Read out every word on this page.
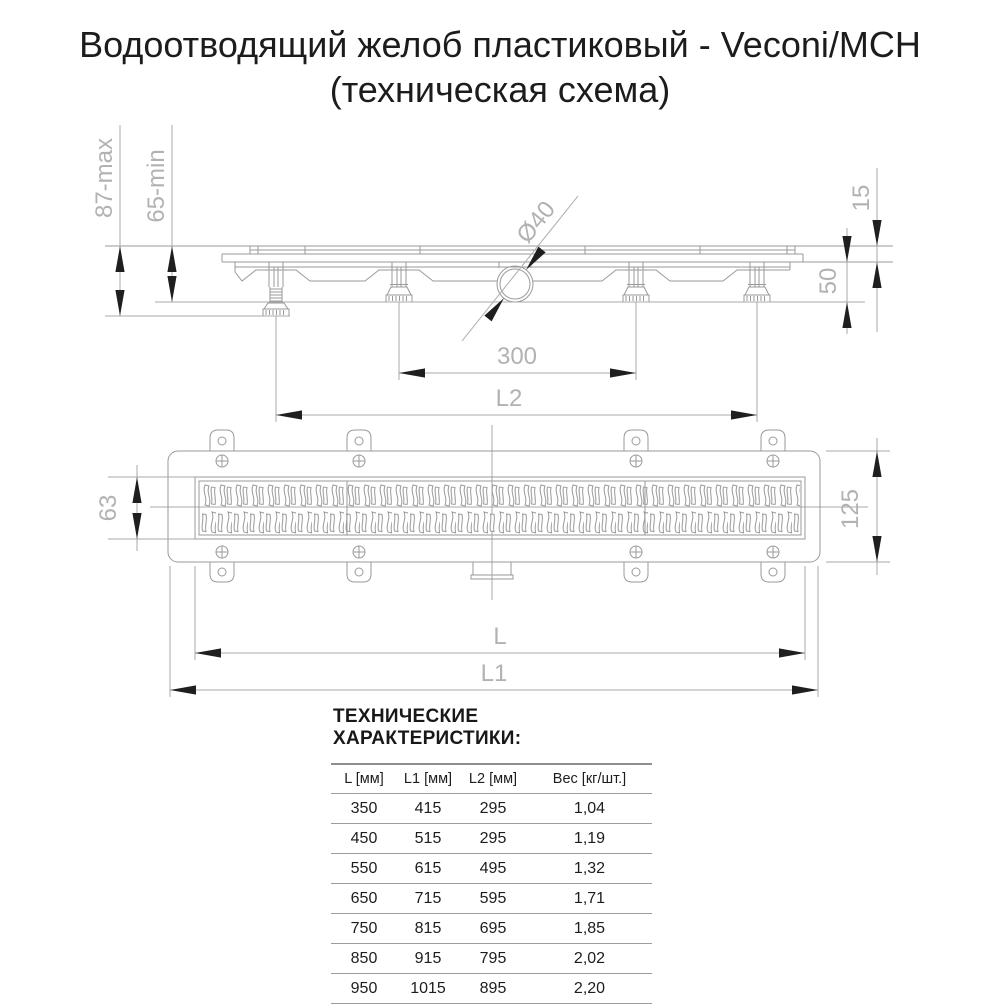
Водоотводящий желоб пластиковый - Veconi/MCH
(техническая схема)
87-max 65-min	15
50
Ø40
300
L2
63	125
L
L1
ТЕХНИЧЕСКИЕ ХАРАКТЕРИСТИКИ:
L [мм]	L1 [мм]	L2 [мм]	Вес [кг/шт.]
350	415	295	1,04
450	515	295	1,19
550	615	495	1,32
650	715	595	1,71
750	815	695	1,85
850	915	795	2,02
950	1015	895	2,20
